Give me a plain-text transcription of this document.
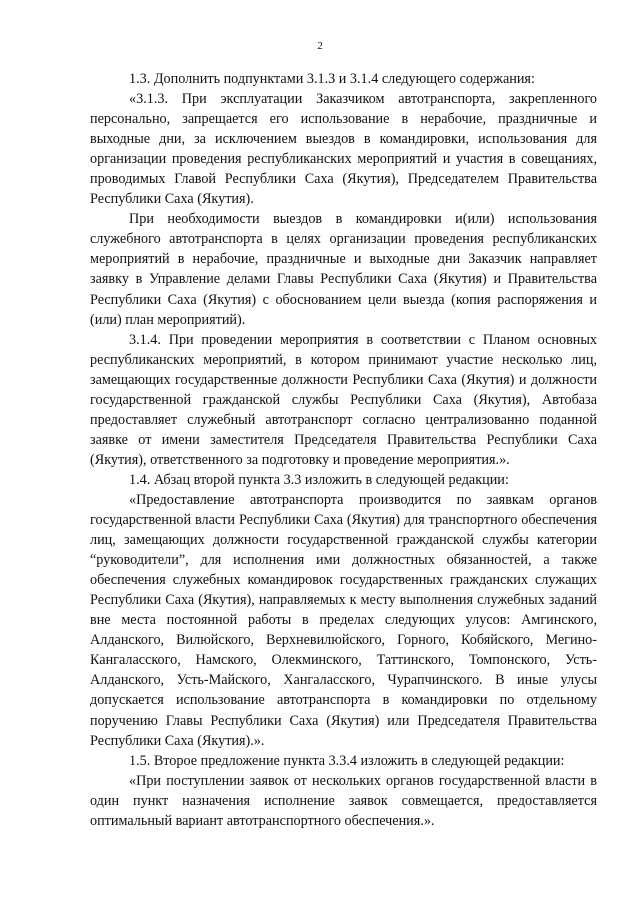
2

1.3. Дополнить подпунктами 3.1.3 и 3.1.4 следующего содержания:

«3.1.3. При эксплуатации Заказчиком автотранспорта, закрепленного персонально, запрещается его использование в нерабочие, праздничные и выходные дни, за исключением выездов в командировки, использования для организации проведения республиканских мероприятий и участия в совещаниях, проводимых Главой Республики Саха (Якутия), Председателем Правительства Республики Саха (Якутия).

При необходимости выездов в командировки и(или) использования служебного автотранспорта в целях организации проведения республиканских мероприятий в нерабочие, праздничные и выходные дни Заказчик направляет заявку в Управление делами Главы Республики Саха (Якутия) и Правительства Республики Саха (Якутия) с обоснованием цели выезда (копия распоряжения и (или) план мероприятий).

3.1.4. При проведении мероприятия в соответствии с Планом основных республиканских мероприятий, в котором принимают участие несколько лиц, замещающих государственные должности Республики Саха (Якутия) и должности государственной гражданской службы Республики Саха (Якутия), Автобаза предоставляет служебный автотранспорт согласно централизованно поданной заявке от имени заместителя Председателя Правительства Республики Саха (Якутия), ответственного за подготовку и проведение мероприятия.».

1.4. Абзац второй пункта 3.3 изложить в следующей редакции:

«Предоставление автотранспорта производится по заявкам органов государственной власти Республики Саха (Якутия) для транспортного обеспечения лиц, замещающих должности государственной гражданской службы категории “руководители”, для исполнения ими должностных обязанностей, а также обеспечения служебных командировок государственных гражданских служащих Республики Саха (Якутия), направляемых к месту выполнения служебных заданий вне места постоянной работы в пределах следующих улусов: Амгинского, Алданского, Вилюйского, Верхневилюйского, Горного, Кобяйского, Мегино-Кангаласского, Намского, Олекминского, Таттинского, Томпонского, Усть-Алданского, Усть-Майского, Хангаласского, Чурапчинского. В иные улусы допускается использование автотранспорта в командировки по отдельному поручению Главы Республики Саха (Якутия) или Председателя Правительства Республики Саха (Якутия).».

1.5. Второе предложение пункта 3.3.4 изложить в следующей редакции:

«При поступлении заявок от нескольких органов государственной власти в один пункт назначения исполнение заявок совмещается, предоставляется оптимальный вариант автотранспортного обеспечения.».
